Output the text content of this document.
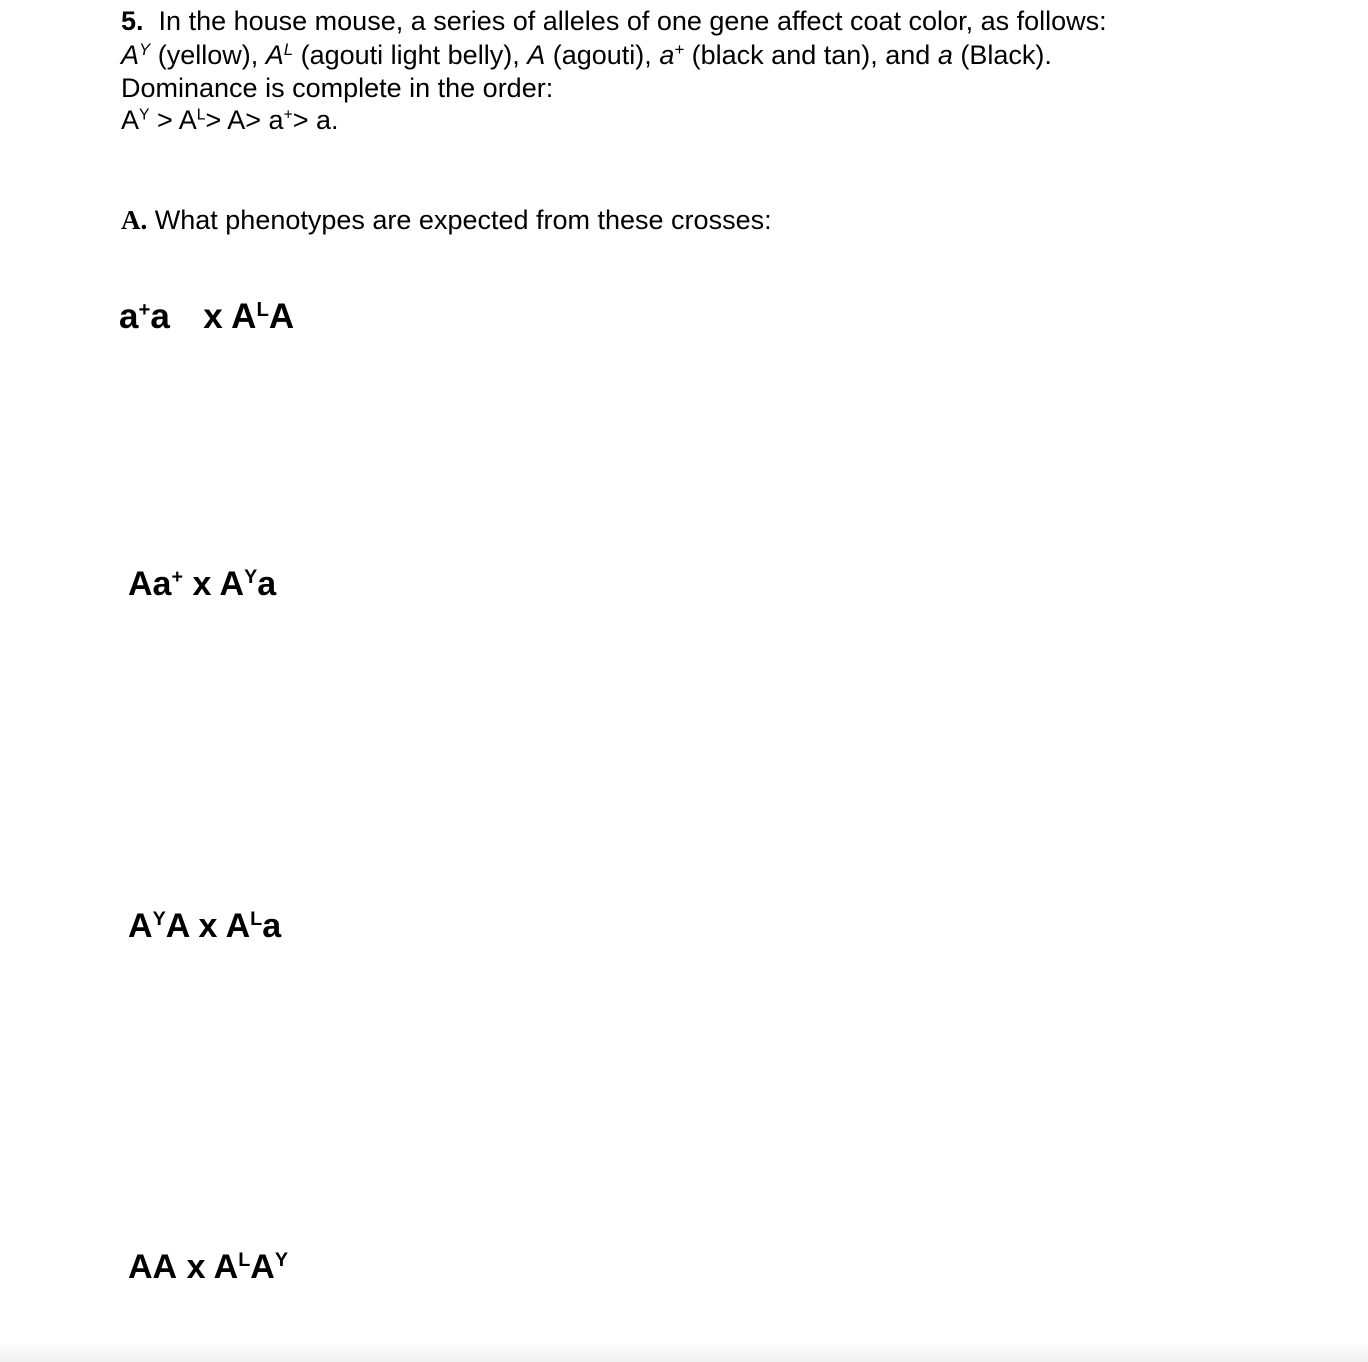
5. In the house mouse, a series of alleles of one gene affect coat color, as follows:
$A^Y$ (yellow), $A^L$ (agouti light belly), A (agouti), a+ (black and tan), and a (Black).
Dominance is complete in the order:
$A^Y > A^L> A> a^+> a$.
A. What phenotypes are expected from these crosses:
a+a x $A^LA$
Aa+ x $A^Ya$
$A^YA$ x $A^La$
AA x $A^LA^Y$
